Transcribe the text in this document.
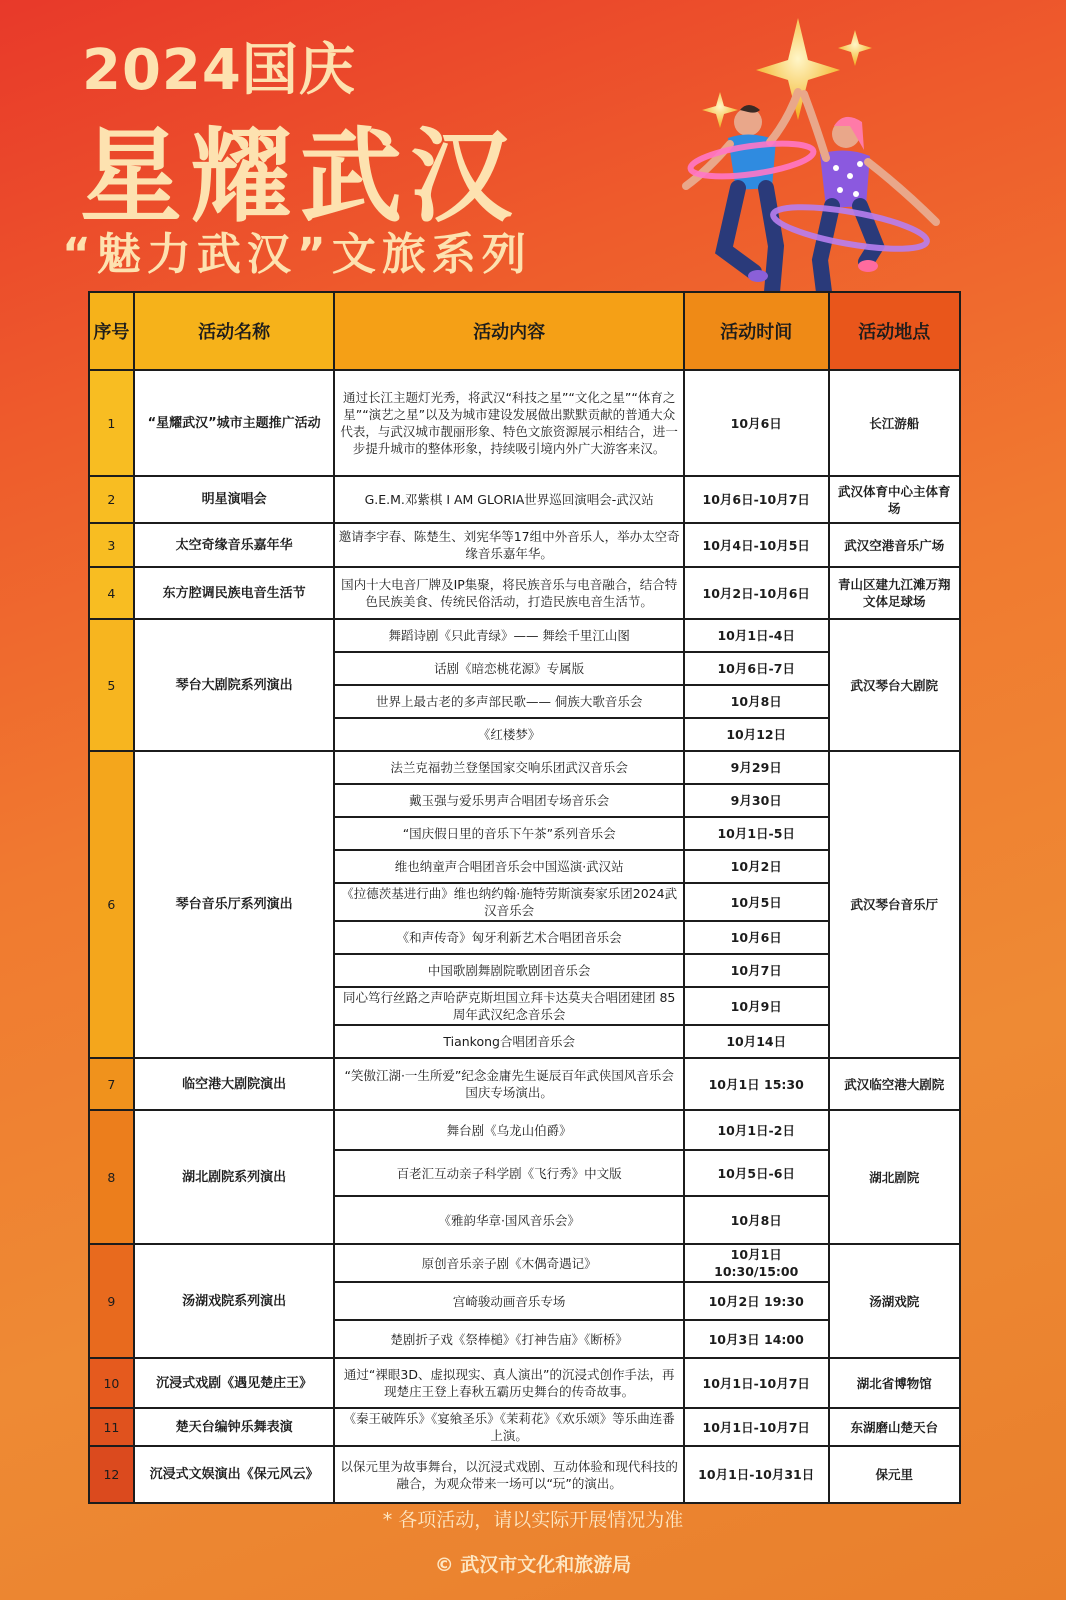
2024国庆
星耀武汉
“魅力武汉”文旅系列
序号	活动名称	活动内容	活动时间	活动地点
1	“星耀武汉”城市主题推广活动	通过长江主题灯光秀，将武汉“科技之星”“文化之星”“体育之星”“演艺之星”以及为城市建设发展做出默默贡献的普通大众代表，与武汉城市靓丽形象、特色文旅资源展示相结合，进一步提升城市的整体形象，持续吸引境内外广大游客来汉。	10月6日	长江游船
2	明星演唱会	G.E.M.邓紫棋 I AM GLORIA世界巡回演唱会-武汉站	10月6日-10月7日	武汉体育中心主体育场
3	太空奇缘音乐嘉年华	邀请李宇春、陈楚生、刘宪华等17组中外音乐人，举办太空奇缘音乐嘉年华。	10月4日-10月5日	武汉空港音乐广场
4	东方腔调民族电音生活节	国内十大电音厂牌及IP集聚，将民族音乐与电音融合，结合特色民族美食、传统民俗活动，打造民族电音生活节。	10月2日-10月6日	青山区建九江滩万翔文体足球场
5	琴台大剧院系列演出	舞蹈诗剧《只此青绿》—— 舞绘千里江山图	10月1日-4日	武汉琴台大剧院
		话剧《暗恋桃花源》专属版	10月6日-7日	
		世界上最古老的多声部民歌—— 侗族大歌音乐会	10月8日	
		《红楼梦》	10月12日	
6	琴台音乐厅系列演出	法兰克福勃兰登堡国家交响乐团武汉音乐会	9月29日	武汉琴台音乐厅
		戴玉强与爱乐男声合唱团专场音乐会	9月30日	
		“国庆假日里的音乐下午茶”系列音乐会	10月1日-5日	
		维也纳童声合唱团音乐会中国巡演·武汉站	10月2日	
		《拉德茨基进行曲》维也纳约翰·施特劳斯演奏家乐团2024武汉音乐会	10月5日	
		《和声传奇》匈牙利新艺术合唱团音乐会	10月6日	
		中国歌剧舞剧院歌剧团音乐会	10月7日	
		同心笃行丝路之声哈萨克斯坦国立拜卡达莫夫合唱团建团 85 周年武汉纪念音乐会	10月9日	
		Tiankong合唱团音乐会	10月14日	
7	临空港大剧院演出	“笑傲江湖·一生所爱”纪念金庸先生诞辰百年武侠国风音乐会国庆专场演出。	10月1日 15:30	武汉临空港大剧院
8	湖北剧院系列演出	舞台剧《乌龙山伯爵》	10月1日-2日	湖北剧院
		百老汇互动亲子科学剧《飞行秀》中文版	10月5日-6日	
		《雅韵华章·国风音乐会》	10月8日	
9	汤湖戏院系列演出	原创音乐亲子剧《木偶奇遇记》	10月1日 10:30/15:00	汤湖戏院
		宫崎骏动画音乐专场	10月2日 19:30	
		楚剧折子戏《祭棒槌》《打神告庙》《断桥》	10月3日 14:00	
10	沉浸式戏剧《遇见楚庄王》	通过“裸眼3D、虚拟现实、真人演出”的沉浸式创作手法，再现楚庄王登上春秋五霸历史舞台的传奇故事。	10月1日-10月7日	湖北省博物馆
11	楚天台编钟乐舞表演	《秦王破阵乐》《宴飨圣乐》《茉莉花》《欢乐颂》等乐曲连番上演。	10月1日-10月7日	东湖磨山楚天台
12	沉浸式文娱演出《保元风云》	以保元里为故事舞台，以沉浸式戏剧、互动体验和现代科技的融合，为观众带来一场可以“玩”的演出。	10月1日-10月31日	保元里
* 各项活动，请以实际开展情况为准
© 武汉市文化和旅游局
